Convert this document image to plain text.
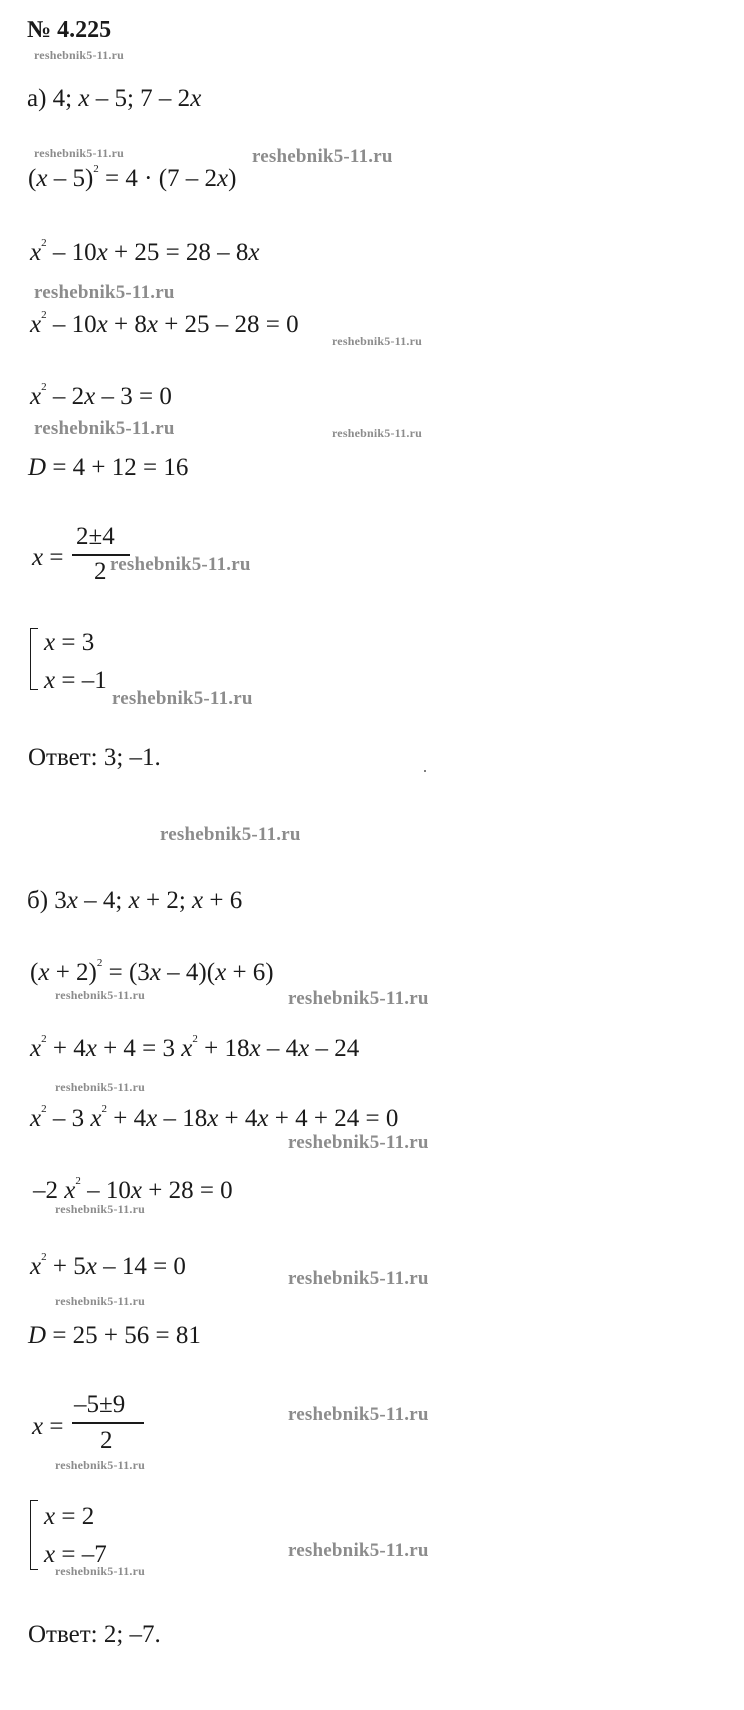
№ 4.225
reshebnik5-11.ru
а) 4; x – 5; 7 – 2x
reshebnik5-11.ru	reshebnik5-11.ru
(x – 5)$^2$ = 4 · (7 – 2x)
$x^2 - 10x + 25 = 28 - 8x$
reshebnik5-11.ru
$x^2 - 10x + 8x + 25 - 28 = 0$
reshebnik5-11.ru
$x^2 - 2x - 3 = 0$
reshebnik5-11.ru	reshebnik5-11.ru
D = 4 + 12 = 16
x =
2±4
2 reshebnik5-11.ru
x = 3
x = –1
reshebnik5-11.ru
Ответ: 3; –1.
reshebnik5-11.ru
б) 3x – 4; x + 2; x + 6
$(x + 2)^2 = (3x - 4)(x + 6)$
reshebnik5-11.ru	reshebnik5-11.ru
$x^2 + 4x + 4 = 3$ $x^2 + 18x - 4x - 24$
reshebnik5-11.ru
$x^2 - 3$ $x^2 + 4x - 18x + 4x + 4 + 24 = 0$
reshebnik5-11.ru
–2 $x^2 - 10x + 28 = 0$
reshebnik5-11.ru
$x^2 + 5x - 14 = 0$	reshebnik5-11.ru
reshebnik5-11.ru
D = 25 + 56 = 81
x =
–5±9
2
reshebnik5-11.ru
reshebnik5-11.ru
x = 2
x = –7	reshebnik5-11.ru
reshebnik5-11.ru
Ответ: 2; –7.
